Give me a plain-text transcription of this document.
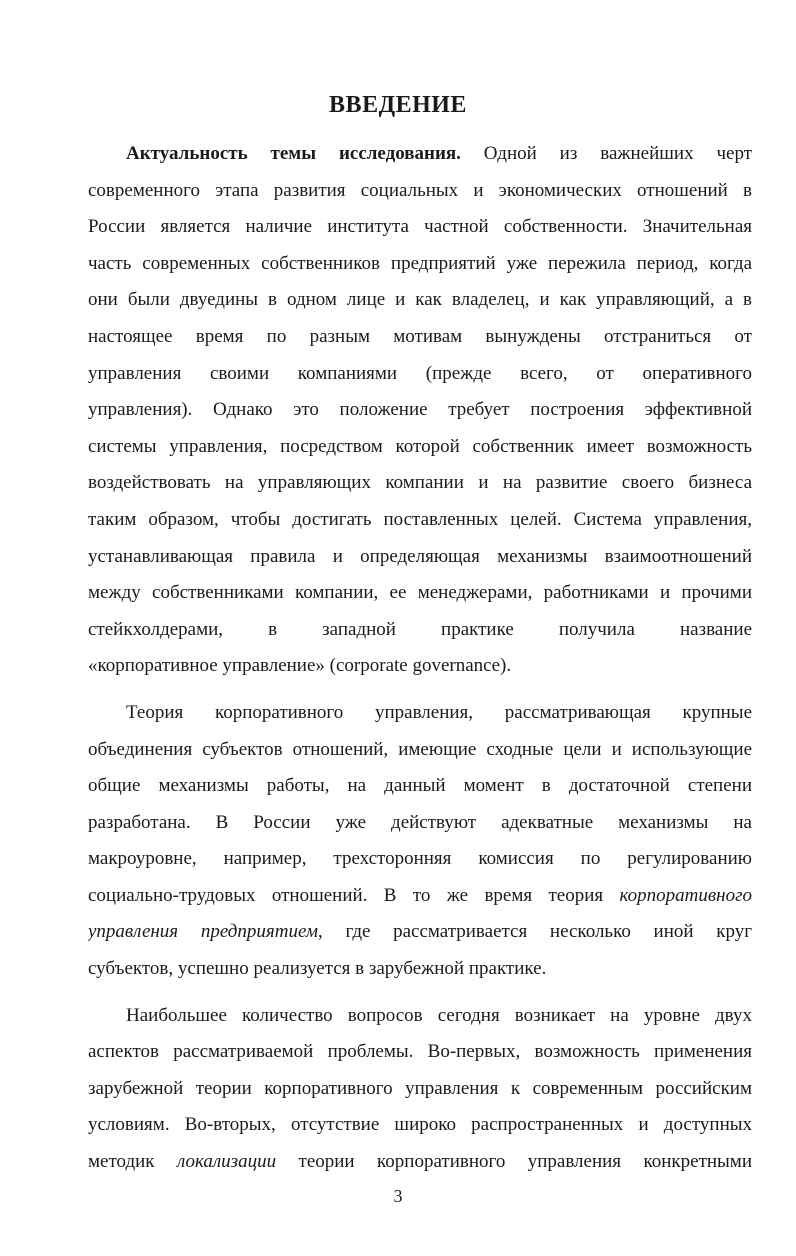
ВВЕДЕНИЕ
Актуальность темы исследования. Одной из важнейших черт
современного этапа развития социальных и экономических отношений в
России является наличие института частной собственности. Значительная
часть современных собственников предприятий уже пережила период, когда
они были двуедины в одном лице и как владелец, и как управляющий, а в
настоящее время по разным мотивам вынуждены отстраниться от
управления своими компаниями (прежде всего, от оперативного
управления). Однако это положение требует построения эффективной
системы управления, посредством которой собственник имеет возможность
воздействовать на управляющих компании и на развитие своего бизнеса
таким образом, чтобы достигать поставленных целей. Система управления,
устанавливающая правила и определяющая механизмы взаимоотношений
между собственниками компании, ее менеджерами, работниками и прочими
стейкхолдерами, в западной практике получила название
«корпоративное управление» (corporate governance).
Теория корпоративного управления, рассматривающая крупные
объединения субъектов отношений, имеющие сходные цели и использующие
общие механизмы работы, на данный момент в достаточной степени
разработана. В России уже действуют адекватные механизмы на
макроуровне, например, трехсторонняя комиссия по регулированию
социально-трудовых отношений. В то же время теория корпоративного
управления предприятием, где рассматривается несколько иной круг
субъектов, успешно реализуется в зарубежной практике.
Наибольшее количество вопросов сегодня возникает на уровне двух
аспектов рассматриваемой проблемы. Во-первых, возможность применения
зарубежной теории корпоративного управления к современным российским
условиям. Во-вторых, отсутствие широко распространенных и доступных
методик локализации теории корпоративного управления конкретными
3
